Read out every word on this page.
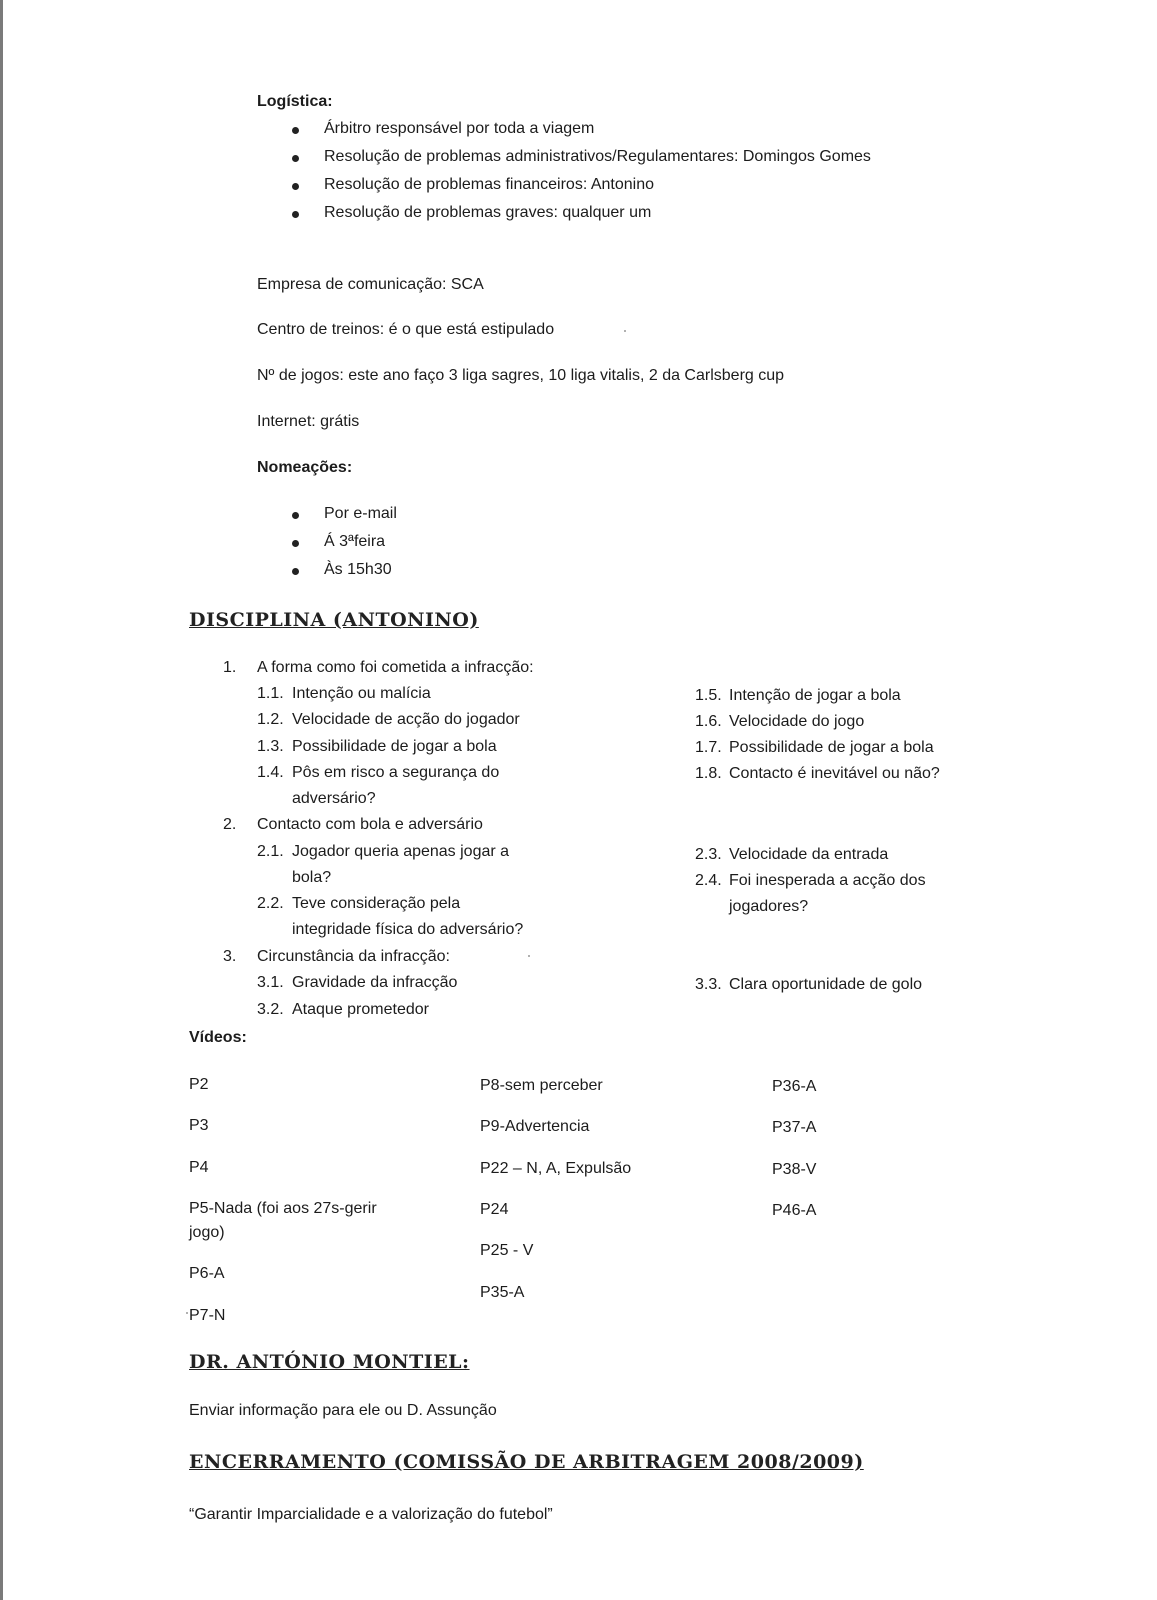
Logística:
Árbitro responsável por toda a viagem
Resolução de problemas administrativos/Regulamentares: Domingos Gomes
Resolução de problemas financeiros: Antonino
Resolução de problemas graves: qualquer um
Empresa de comunicação: SCA
Centro de treinos: é o que está estipulado
Nº de jogos: este ano faço 3 liga sagres, 10 liga vitalis, 2 da Carlsberg cup
Internet: grátis
Nomeações:
Por e-mail
Á 3ªfeira
Às 15h30
DISCIPLINA (ANTONINO)
1. A forma como foi cometida a infracção:
1.1. Intenção ou malícia
1.2. Velocidade de acção do jogador
1.3. Possibilidade de jogar a bola
1.4. Pôs em risco a segurança do
adversário?
1.5. Intenção de jogar a bola
1.6. Velocidade do jogo
1.7. Possibilidade de jogar a bola
1.8. Contacto é inevitável ou não?
2. Contacto com bola e adversário
2.1. Jogador queria apenas jogar a
bola?
2.2. Teve consideração pela
integridade física do adversário?
2.3. Velocidade da entrada
2.4. Foi inesperada a acção dos
jogadores?
3. Circunstância da infracção:
3.1. Gravidade da infracção
3.2. Ataque prometedor
3.3. Clara oportunidade de golo
Vídeos:
P2
P3
P4
P5-Nada (foi aos 27s-gerir
jogo)
P6-A
P7-N
P8-sem perceber
P9-Advertencia
P22 – N, A, Expulsão
P24
P25 - V
P35-A
P36-A
P37-A
P38-V
P46-A
DR. ANTÓNIO MONTIEL:
Enviar informação para ele ou D. Assunção
ENCERRAMENTO (COMISSÃO DE ARBITRAGEM 2008/2009)
“Garantir Imparcialidade e a valorização do futebol”
